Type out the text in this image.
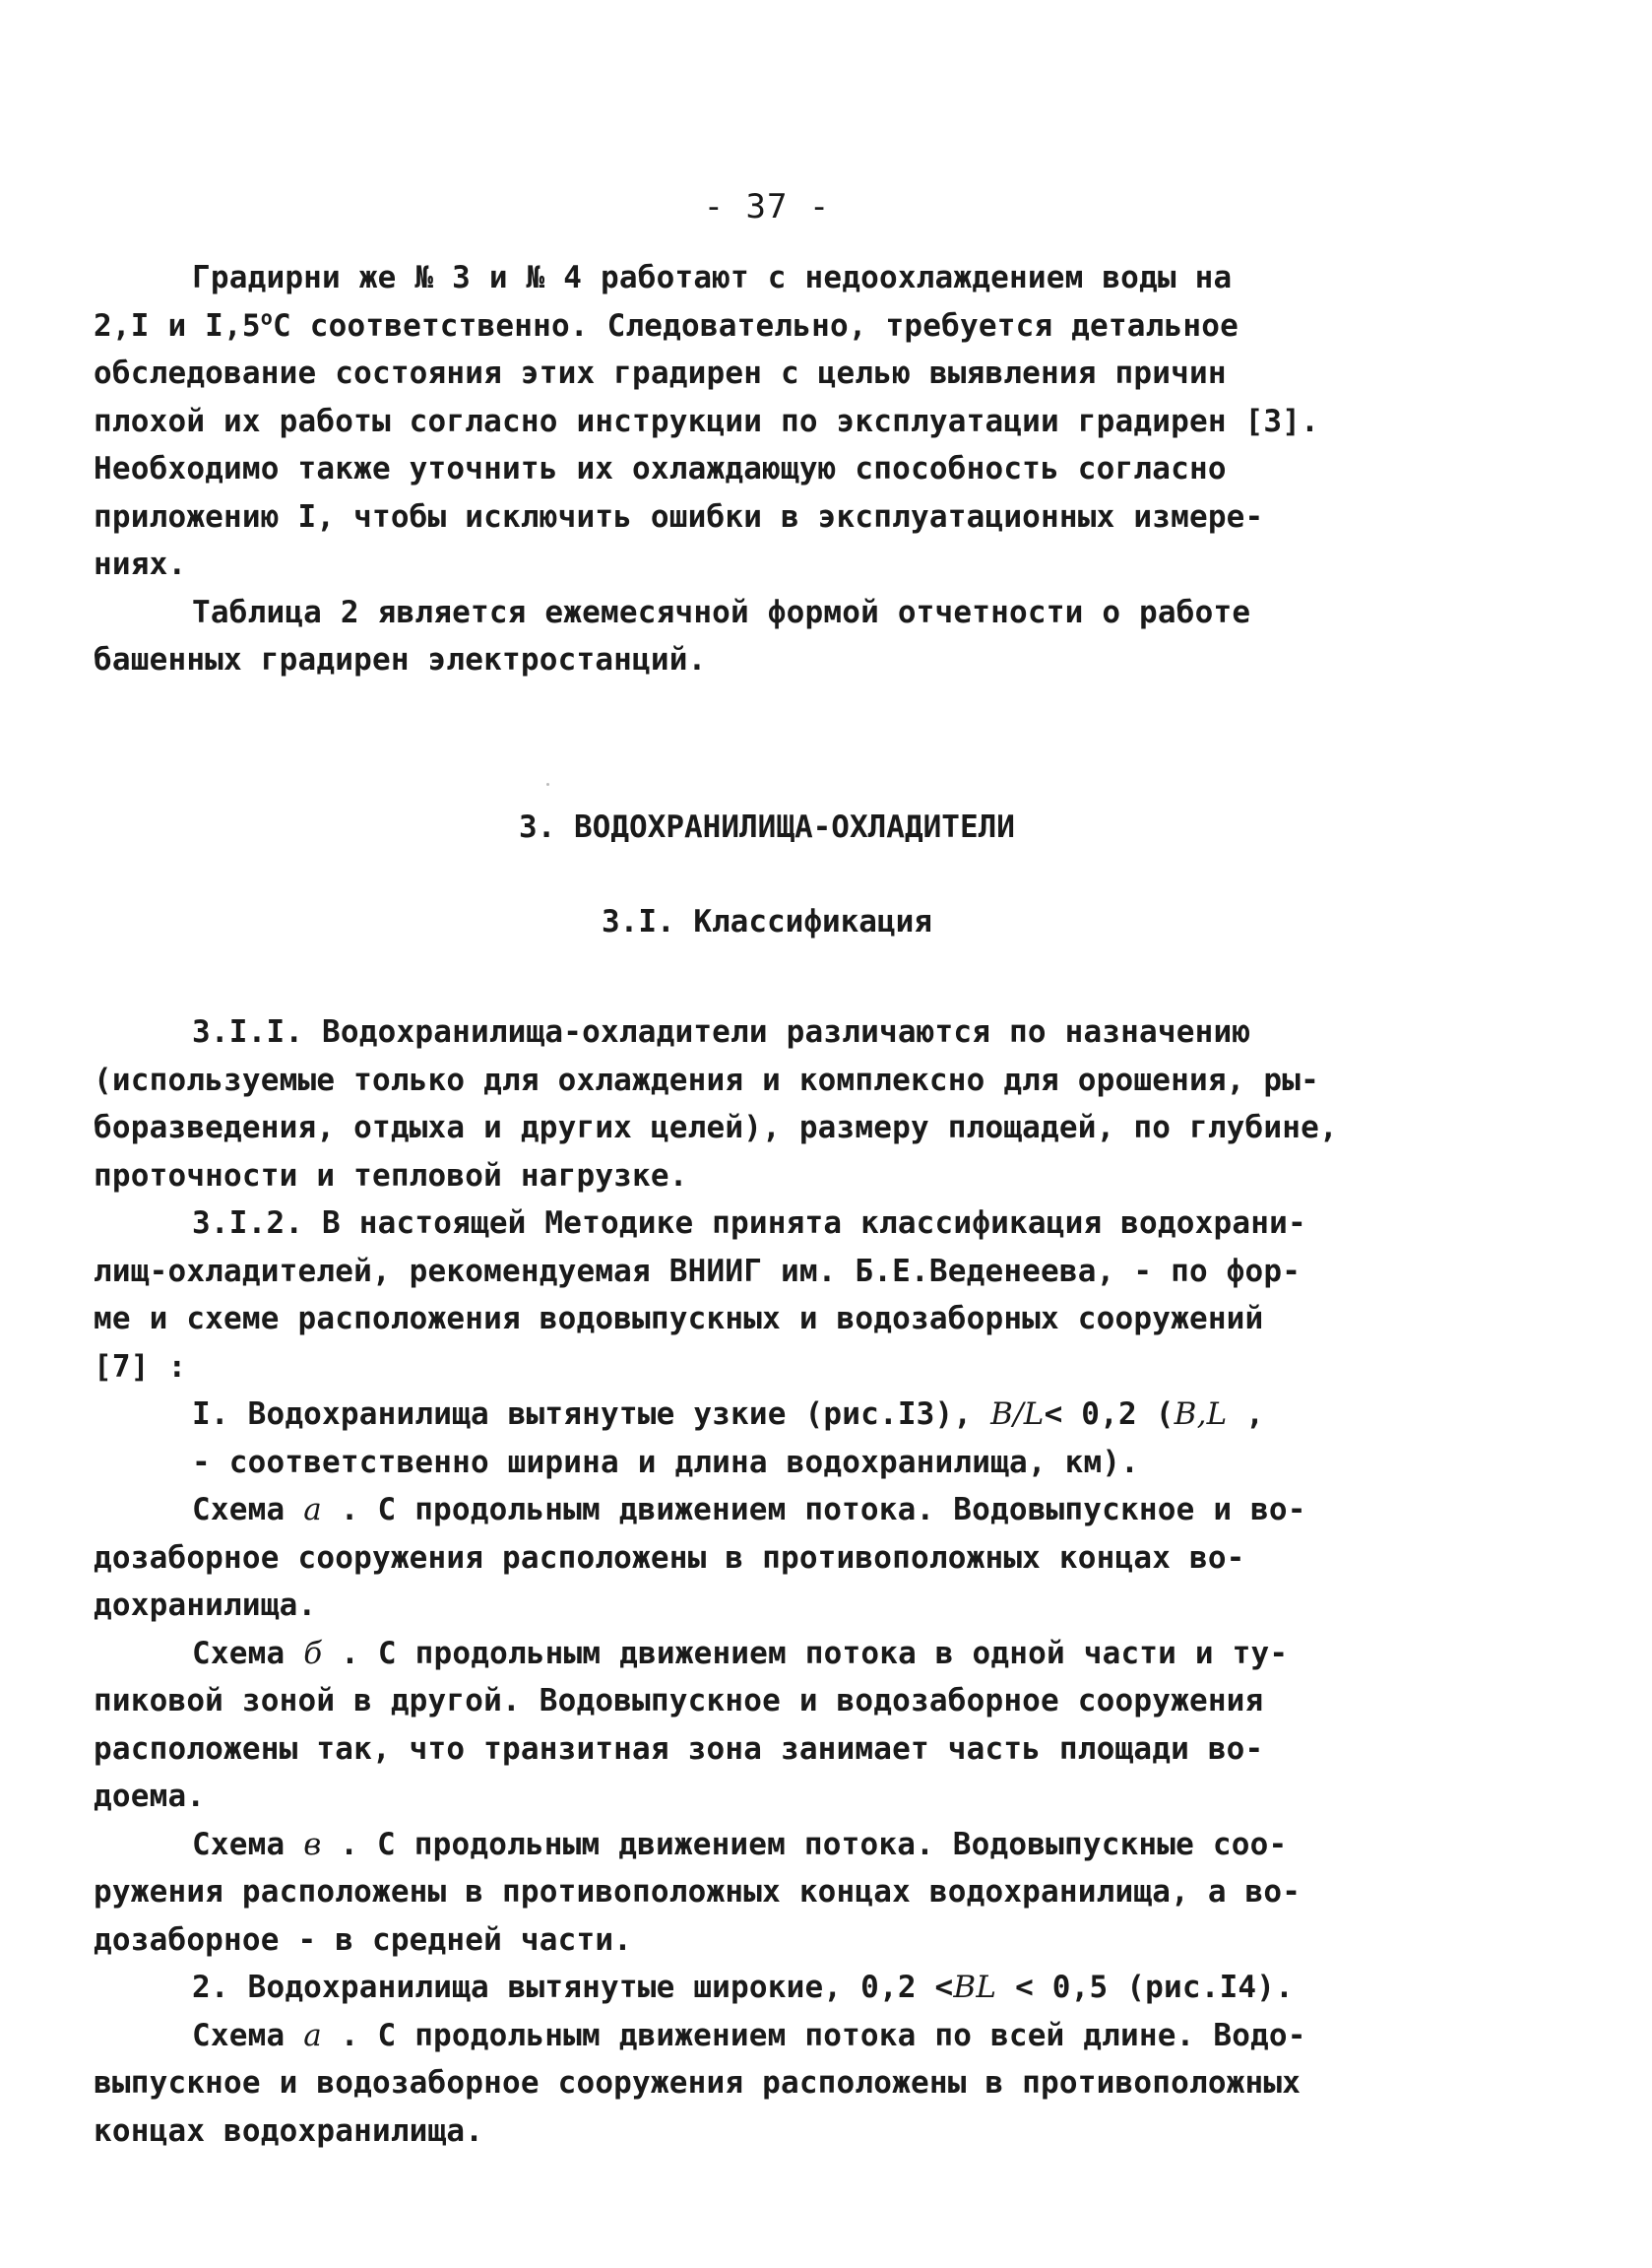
- 37 -
Градирни же № 3 и № 4 работают с недоохлаждением воды на
2,I и $I,5^оС$ соответственно. Следовательно, требуется детальное
обследование состояния этих градирен с целью выявления причин
плохой их работы согласно инструкции по эксплуатации градирен [3].
Необходимо также уточнить их охлаждающую способность согласно
приложению I, чтобы исключить ошибки в эксплуатационных измере-
ниях.
Таблица 2 является ежемесячной формой отчетности о работе
башенных градирен электростанций.
3. ВОДОХРАНИЛИЩА-ОХЛАДИТЕЛИ
3.I. Классификация
3.I.I. Водохранилища-охладители различаются по назначению
(используемые только для охлаждения и комплексно для орошения, ры-
боразведения, отдыха и других целей), размеру площадей, по глубине,
проточности и тепловой нагрузке.
3.I.2. В настоящей Методике принята классификация водохрани-
лищ-охладителей, рекомендуемая ВНИИГ им. Б.Е.Веденеева, - по фор-
ме и схеме расположения водовыпускных и водозаборных сооружений
[7] :
I. Водохранилища вытянутые узкие (рис.I3), B/L< 0,2 (B,L ,
- соответственно ширина и длина водохранилища, км).
Схема а . С продольным движением потока. Водовыпускное и во-
дозаборное сооружения расположены в противоположных концах во-
дохранилища.
Схема б . С продольным движением потока в одной части и ту-
пиковой зоной в другой. Водовыпускное и водозаборное сооружения
расположены так, что транзитная зона занимает часть площади во-
доема.
Схема в . С продольным движением потока. Водовыпускные соо-
ружения расположены в противоположных концах водохранилища, а во-
дозаборное - в средней части.
2. Водохранилища вытянутые широкие, 0,2 <BL < 0,5 (рис.I4).
Схема а . С продольным движением потока по всей длине. Водо-
выпускное и водозаборное сооружения расположены в противоположных
концах водохранилища.
